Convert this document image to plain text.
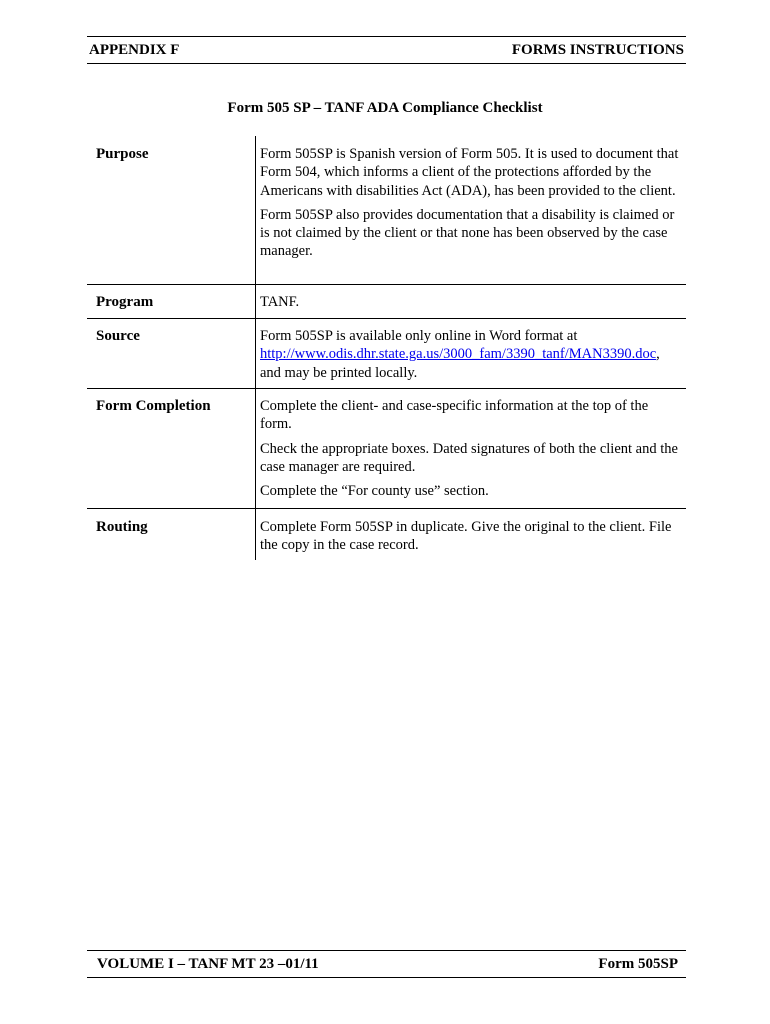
APPENDIX F	FORMS INSTRUCTIONS
Form 505 SP – TANF ADA Compliance Checklist
Purpose	Form 505SP is Spanish version of Form 505. It is used to document that Form 504, which informs a client of the protections afforded by the Americans with disabilities Act (ADA), has been provided to the client.

Form 505SP also provides documentation that a disability is claimed or is not claimed by the client or that none has been observed by the case manager.

Program	TANF.

Source	Form 505SP is available only online in Word format at
http://www.odis.dhr.state.ga.us/3000_fam/3390_tanf/MAN3390.doc, and may be printed locally.

Form Completion	Complete the client- and case-specific information at the top of the form.

Check the appropriate boxes. Dated signatures of both the client and the case manager are required.

Complete the “For county use” section.

Routing	Complete Form 505SP in duplicate. Give the original to the client. File the copy in the case record.

VOLUME I – TANF MT 23 –01/11	Form 505SP
